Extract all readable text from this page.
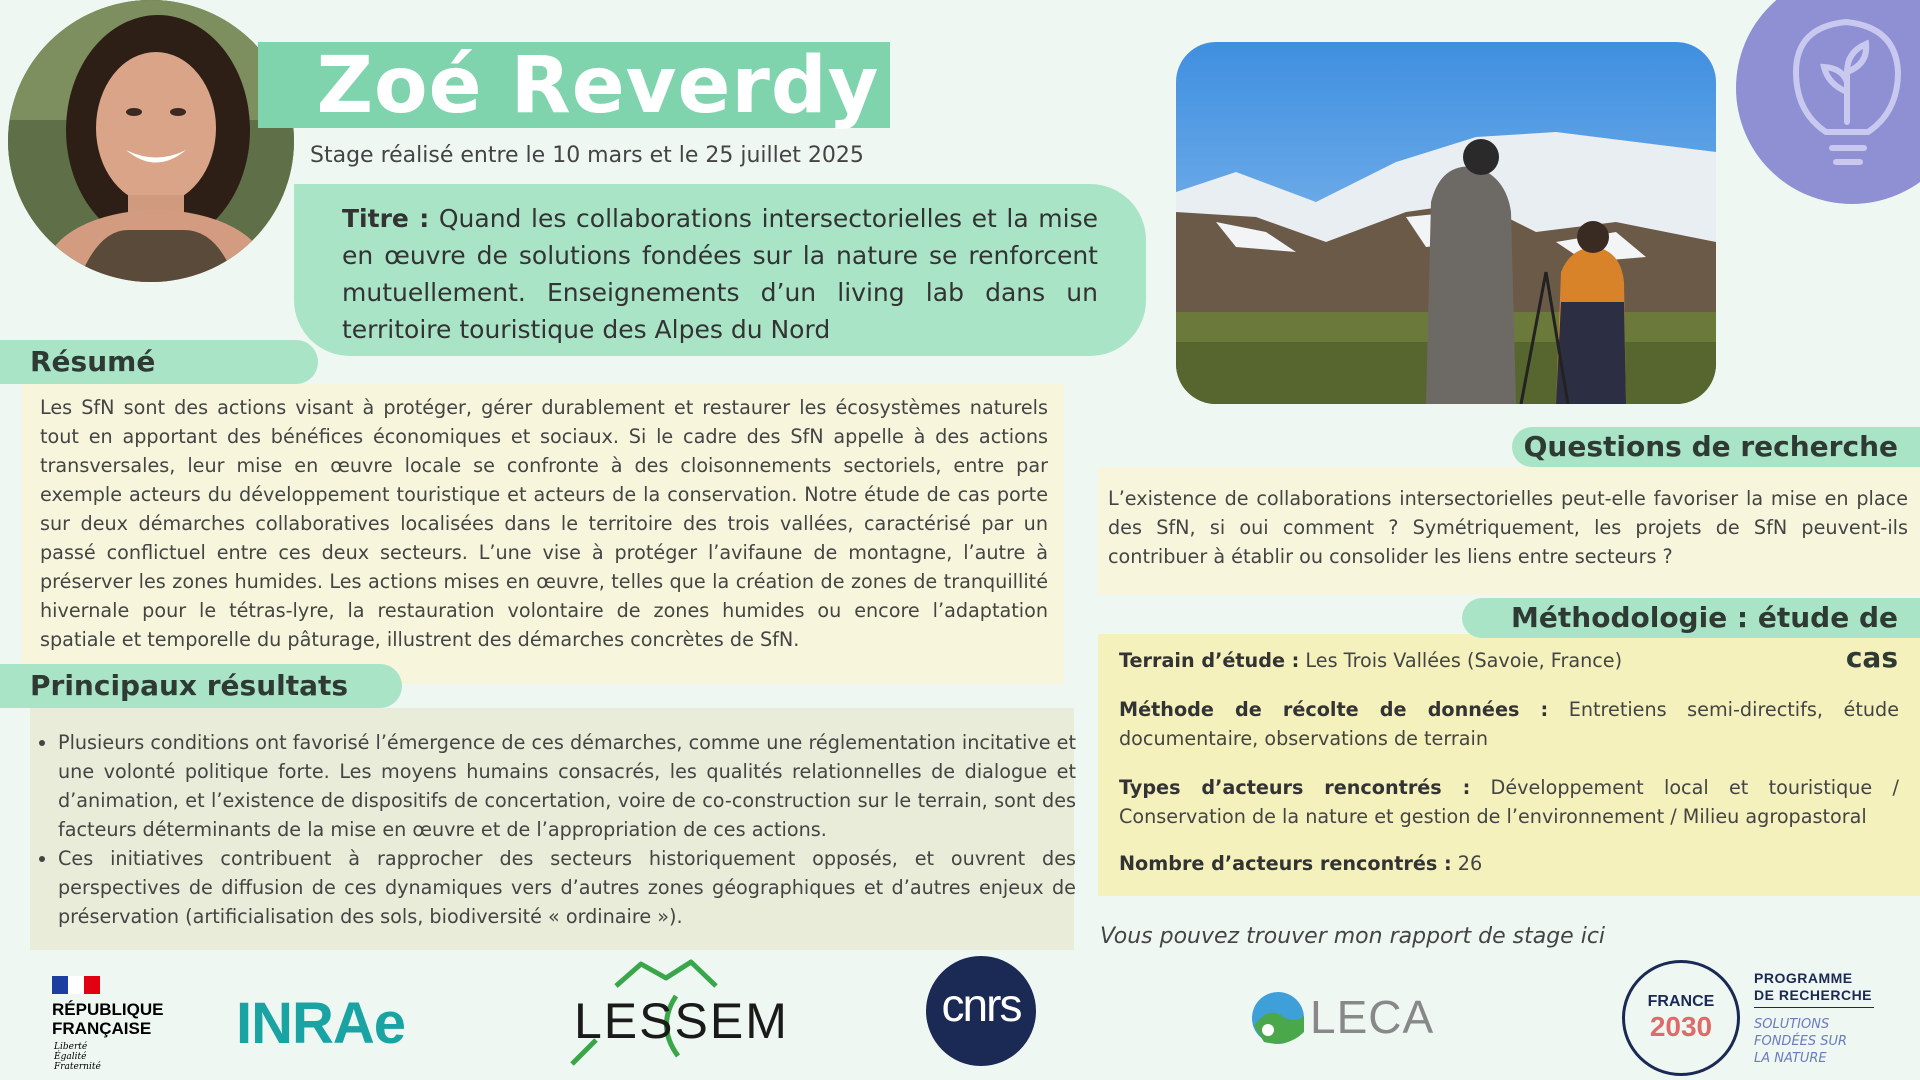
Zoé Reverdy
Stage réalisé entre le 10 mars et le 25 juillet 2025
Titre : Quand les collaborations intersectorielles et la mise en œuvre de solutions fondées sur la nature se renforcent mutuellement. Enseignements d’un living lab dans un territoire touristique des Alpes du Nord
Résumé
Les SfN sont des actions visant à protéger, gérer durablement et restaurer les écosystèmes naturels tout en apportant des bénéfices économiques et sociaux. Si le cadre des SfN appelle à des actions transversales, leur mise en œuvre locale se confronte à des cloisonnements sectoriels, entre par exemple acteurs du développement touristique et acteurs de la conservation. Notre étude de cas porte sur deux démarches collaboratives localisées dans le territoire des trois vallées, caractérisé par un passé conflictuel entre ces deux secteurs. L’une vise à protéger l’avifaune de montagne, l’autre à préserver les zones humides. Les actions mises en œuvre, telles que la création de zones de tranquillité hivernale pour le tétras-lyre, la restauration volontaire de zones humides ou encore l’adaptation spatiale et temporelle du pâturage, illustrent des démarches concrètes de SfN.
Principaux résultats
• Plusieurs conditions ont favorisé l’émergence de ces démarches, comme une réglementation incitative et une volonté politique forte. Les moyens humains consacrés, les qualités relationnelles de dialogue et d’animation, et l’existence de dispositifs de concertation, voire de co-construction sur le terrain, sont des facteurs déterminants de la mise en œuvre et de l’appropriation de ces actions.
• Ces initiatives contribuent à rapprocher des secteurs historiquement opposés, et ouvrent des perspectives de diffusion de ces dynamiques vers d’autres zones géographiques et d’autres enjeux de préservation (artificialisation des sols, biodiversité « ordinaire »).
Questions de recherche
L’existence de collaborations intersectorielles peut-elle favoriser la mise en place des SfN, si oui comment ? Symétriquement, les projets de SfN peuvent-ils contribuer à établir ou consolider les liens entre secteurs ?
Méthodologie : étude de cas
Terrain d’étude : Les Trois Vallées (Savoie, France)
Méthode de récolte de données : Entretiens semi-directifs, étude documentaire, observations de terrain
Types d’acteurs rencontrés : Développement local et touristique / Conservation de la nature et gestion de l’environnement / Milieu agropastoral
Nombre d’acteurs rencontrés : 26
Vous pouvez trouver mon rapport de stage ici
RÉPUBLIQUE
FRANÇAISE
Liberté
Égalité
Fraternité
INRAe	LESSEM	cnrs	LECA	FRANCE
2030
PROGRAMME
DE RECHERCHE
SOLUTIONS
FONDÉES SUR
LA NATURE
